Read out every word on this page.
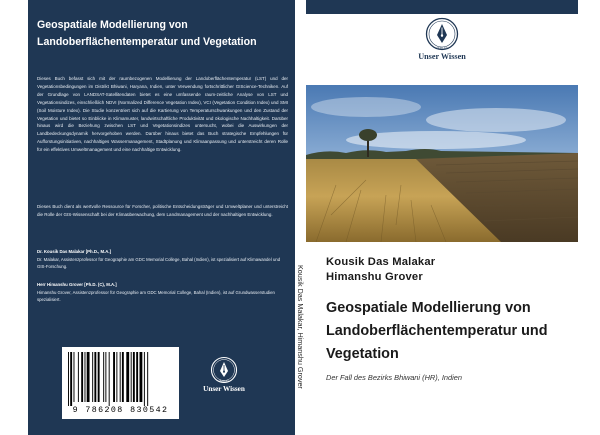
Geospatiale Modellierung von Landoberflächentemperatur und Vegetation
Dieses Buch befasst sich mit der raumbezogenen Modellierung der Landoberflächentemperatur (LST) und der Vegetationsbedingungen im Distrikt Bhiwani, Haryana, Indien, unter Verwendung fortschrittlicher GIScience-Techniken. Auf der Grundlage von LANDSAT-Satellitendaten bietet es eine umfassende raum-zeitliche Analyse von LST und Vegetationsindizes, einschließlich NDVI (Normalized Difference Vegetation Index), VCI (Vegetation Condition Index) und SMI (Soil Moisture Index). Die Studie konzentriert sich auf die Kartierung von Temperaturschwankungen und den Zustand der Vegetation und bietet so Einblicke in Klimamuster, landwirtschaftliche Produktivität und ökologische Nachhaltigkeit. Darüber hinaus wird die Beziehung zwischen LST und Vegetationsindizes untersucht, wobei die Auswirkungen der Landbedeckungsdynamik hervorgehoben werden. Darüber hinaus bietet das Buch strategische Empfehlungen für Aufforstungsinitiativen, nachhaltiges Wassermanagement, Stadtplanung und Klimaanpassung und unterstreicht deren Rolle für ein effektives Umweltmanagement und eine nachhaltige Entwicklung.
Dieses Buch dient als wertvolle Ressource für Forscher, politische Entscheidungsträger und Umweltplaner und unterstreicht die Rolle der GIS-Wissenschaft bei der Klimaüberwachung, dem Landmanagement und der nachhaltigen Entwicklung.
Dr. Kousik Das Malakar [Ph.D., M.A.]
Dr. Malakar, Assistenzprofessor für Geographie am GDC Memorial College, Bahal (Indien), ist spezialisiert auf Klimawandel und GIS-Forschung.
Herr Himanshu Grover [Ph.D. (C), M.A.]
Himanshu Grover, Assistenzprofessor für Geographie am GDC Memorial College, Bahal (Indien), ist auf Grundwasserstudien spezialisiert.
9 786208 830542
VERLAG
Unser Wissen
Kousik Das Malakar, Himanshu Grover
VERLAG
Unser Wissen
Kousik Das Malakar
Himanshu Grover
Geospatiale Modellierung von Landoberflächentemperatur und Vegetation
Der Fall des Bezirks Bhiwani (HR), Indien
